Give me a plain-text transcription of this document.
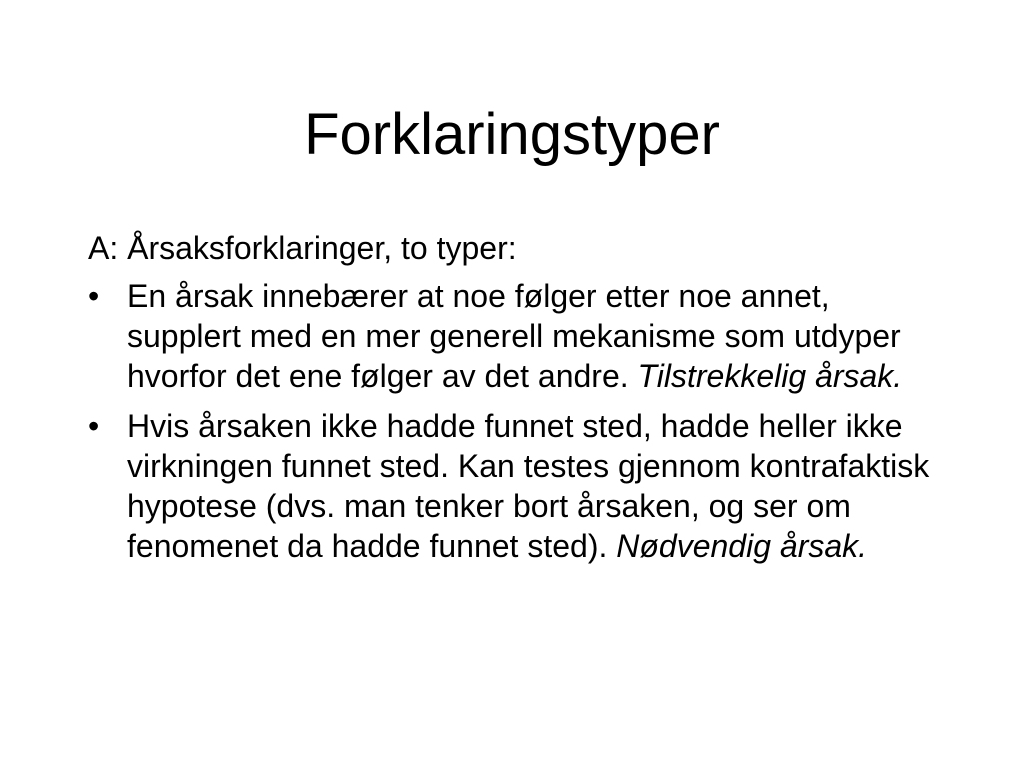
Forklaringstyper

A: Årsaksforklaringer, to typer:

• En årsak innebærer at noe følger etter noe annet, supplert med en mer generell mekanisme som utdyper hvorfor det ene følger av det andre. Tilstrekkelig årsak.
• Hvis årsaken ikke hadde funnet sted, hadde heller ikke virkningen funnet sted. Kan testes gjennom kontrafaktisk hypotese (dvs. man tenker bort årsaken, og ser om fenomenet da hadde funnet sted). Nødvendig årsak.
